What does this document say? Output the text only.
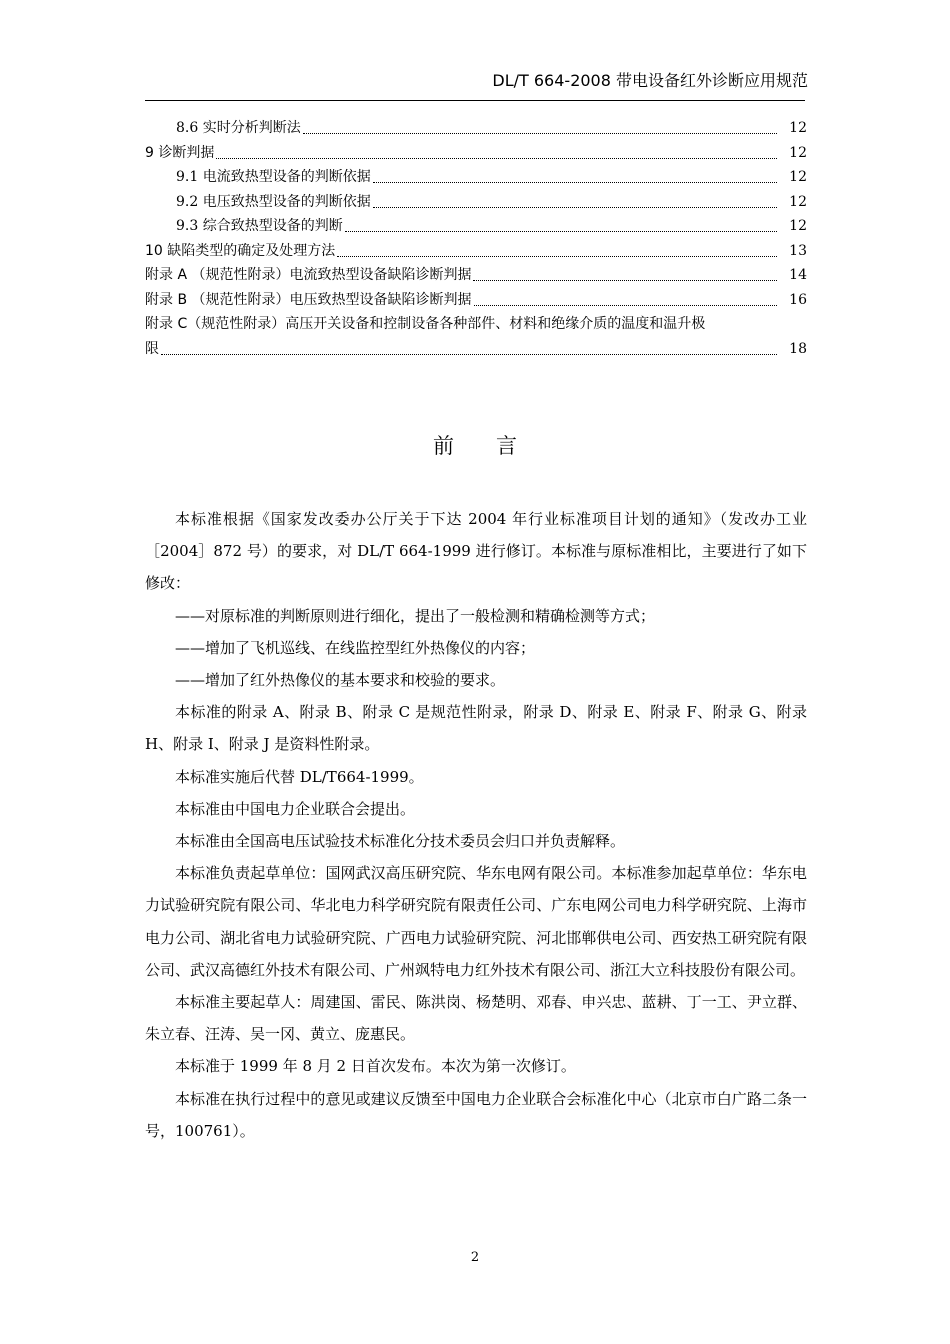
DL/T 664-2008 带电设备红外诊断应用规范
8.6 实时分析判断法	12
9 诊断判据	12
9.1 电流致热型设备的判断依据	12
9.2 电压致热型设备的判断依据	12
9.3 综合致热型设备的判断	12
10 缺陷类型的确定及处理方法	13
附录 A （规范性附录）电流致热型设备缺陷诊断判据	14
附录 B （规范性附录）电压致热型设备缺陷诊断判据	16
附录 C（规范性附录）高压开关设备和控制设备各种部件、材料和绝缘介质的温度和温升极
限	18
前言

本标准根据《国家发改委办公厅关于下达 2004 年行业标准项目计划的通知》（发改办工业［2004］872 号）的要求，对 DL/T 664-1999 进行修订。本标准与原标准相比，主要进行了如下修改：

——对原标准的判断原则进行细化，提出了一般检测和精确检测等方式；

——增加了飞机巡线、在线监控型红外热像仪的内容；

——增加了红外热像仪的基本要求和校验的要求。

本标准的附录 A、附录 B、附录 C 是规范性附录，附录 D、附录 E、附录 F、附录 G、附录 H、附录 I、附录 J 是资料性附录。

本标准实施后代替 DL/T664-1999。

本标准由中国电力企业联合会提出。

本标准由全国高电压试验技术标准化分技术委员会归口并负责解释。

本标准负责起草单位：国网武汉高压研究院、华东电网有限公司。本标准参加起草单位：华东电力试验研究院有限公司、华北电力科学研究院有限责任公司、广东电网公司电力科学研究院、上海市电力公司、湖北省电力试验研究院、广西电力试验研究院、河北邯郸供电公司、西安热工研究院有限公司、武汉高德红外技术有限公司、广州飒特电力红外技术有限公司、浙江大立科技股份有限公司。

本标准主要起草人：周建国、雷民、陈洪岗、杨楚明、邓春、申兴忠、蓝耕、丁一工、尹立群、朱立春、汪涛、吴一冈、黄立、庞惠民。

本标准于 1999 年 8 月 2 日首次发布。本次为第一次修订。

本标准在执行过程中的意见或建议反馈至中国电力企业联合会标准化中心（北京市白广路二条一号，100761）。

2
